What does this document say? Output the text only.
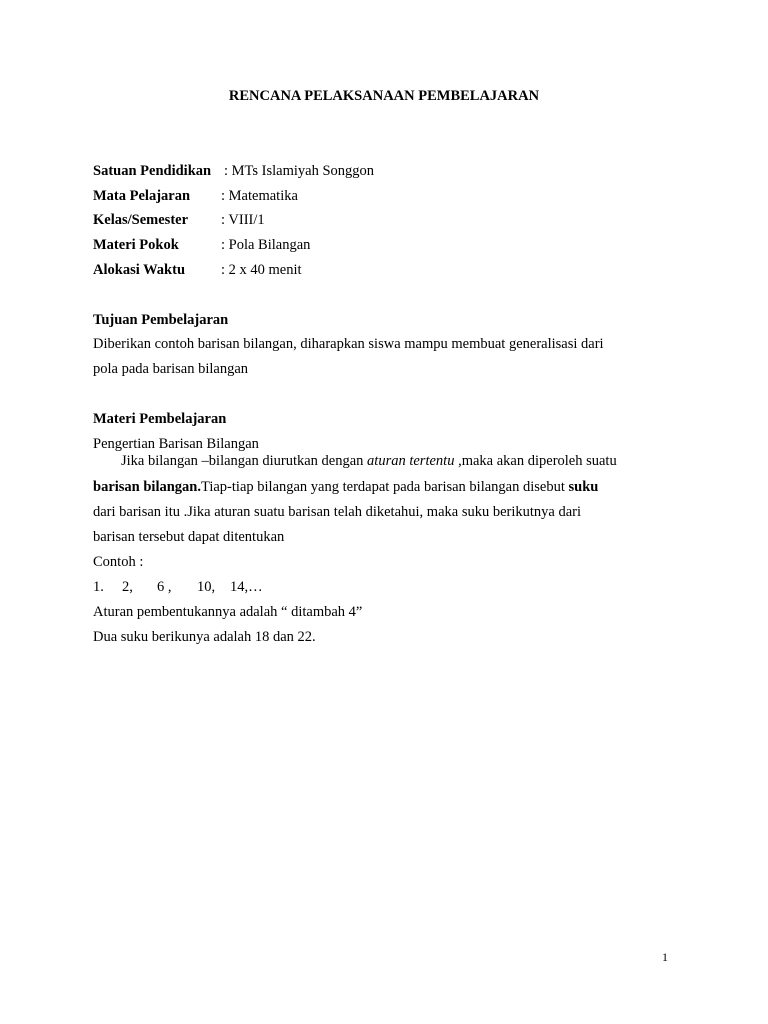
RENCANA PELAKSANAAN PEMBELAJARAN
Satuan Pendidikan : MTs Islamiyah Songgon
Mata Pelajaran : Matematika
Kelas/Semester : VIII/1
Materi Pokok	: Pola Bilangan
Alokasi Waktu : 2 x 40 menit
Tujuan Pembelajaran
Diberikan contoh barisan bilangan, diharapkan siswa mampu membuat generalisasi dari
pola pada barisan bilangan
Materi Pembelajaran
Pengertian Barisan Bilangan
Jika bilangan –bilangan diurutkan dengan aturan tertentu ,maka akan diperoleh suatu
barisan bilangan.Tiap-tiap bilangan yang terdapat pada barisan bilangan disebut suku
dari barisan itu .Jika aturan suatu barisan telah diketahui, maka suku berikutnya dari
barisan tersebut dapat ditentukan
Contoh :
1. 2, 6 , 10, 14,…
Aturan pembentukannya adalah “ ditambah 4”
Dua suku berikunya adalah 18 dan 22.
1
